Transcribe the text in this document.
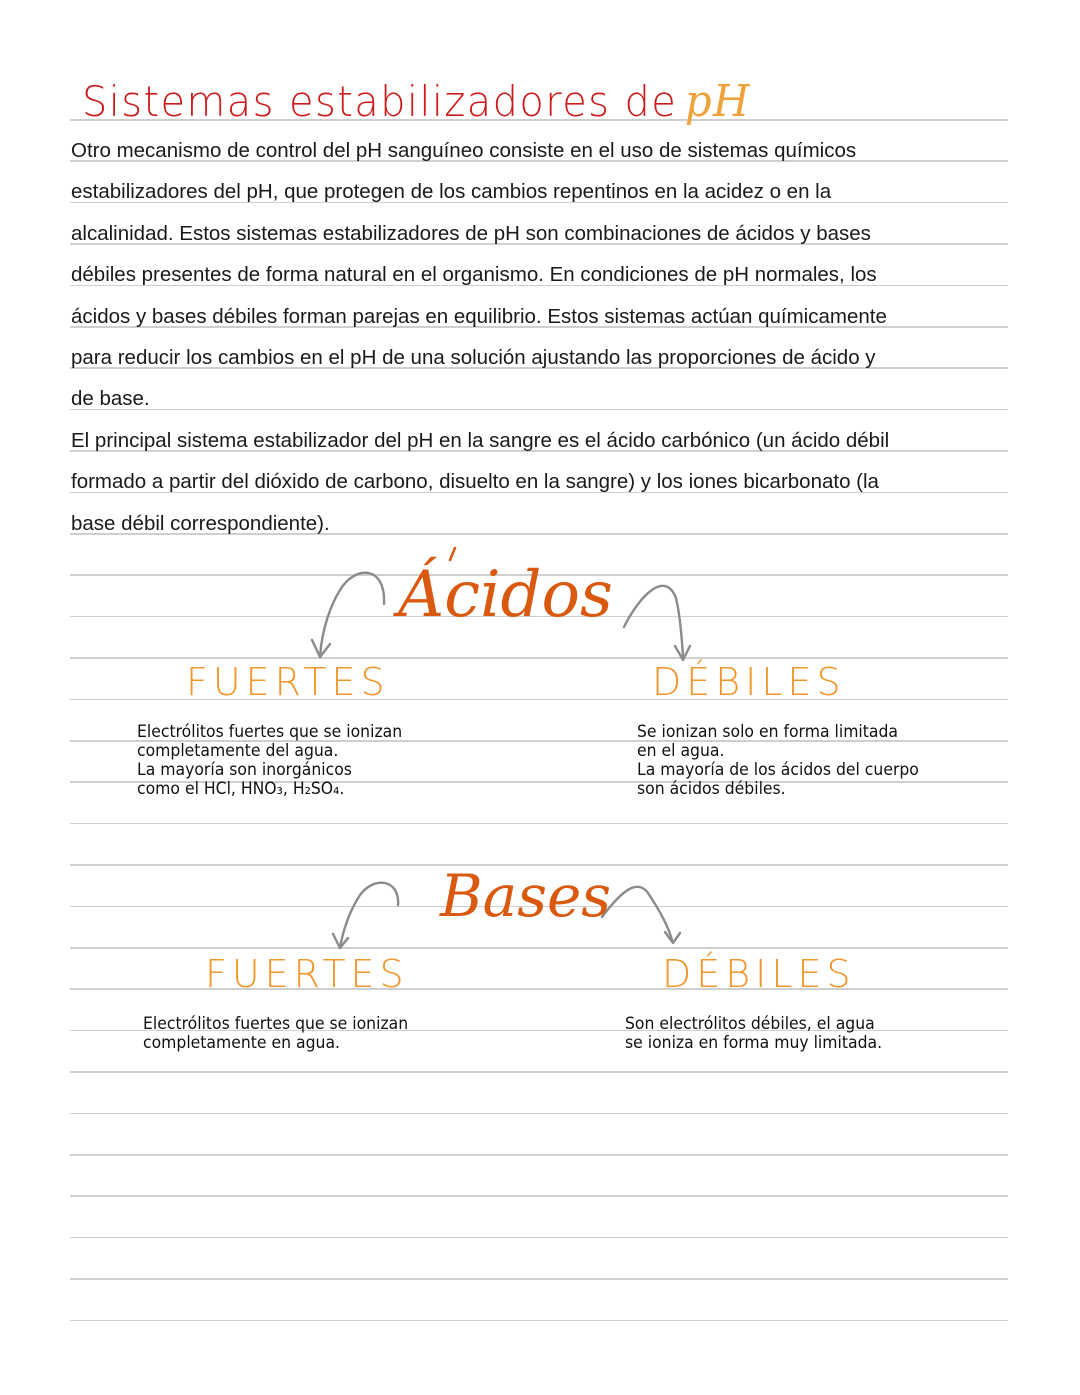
Sistemas estabilizadores de pH
Otro mecanismo de control del pH sanguíneo consiste en el uso de sistemas químicos
estabilizadores del pH, que protegen de los cambios repentinos en la acidez o en la
alcalinidad. Estos sistemas estabilizadores de pH son combinaciones de ácidos y bases
débiles presentes de forma natural en el organismo. En condiciones de pH normales, los
ácidos y bases débiles forman parejas en equilibrio. Estos sistemas actúan químicamente
para reducir los cambios en el pH de una solución ajustando las proporciones de ácido y
de base.
El principal sistema estabilizador del pH en la sangre es el ácido carbónico (un ácido débil
formado a partir del dióxido de carbono, disuelto en la sangre) y los iones bicarbonato (la
base débil correspondiente).
Ácidos
FUERTES	DÉBILES
Electrólitos fuertes que se ionizan
completamente del agua.
La mayoría son inorgánicos
como el HCl, HNO₃, H₂SO₄.
Se ionizan solo en forma limitada
en el agua.
La mayoría de los ácidos del cuerpo
son ácidos débiles.
Bases
FUERTES	DÉBILES
Electrólitos fuertes que se ionizan
completamente en agua.
Son electrólitos débiles, el agua
se ioniza en forma muy limitada.
